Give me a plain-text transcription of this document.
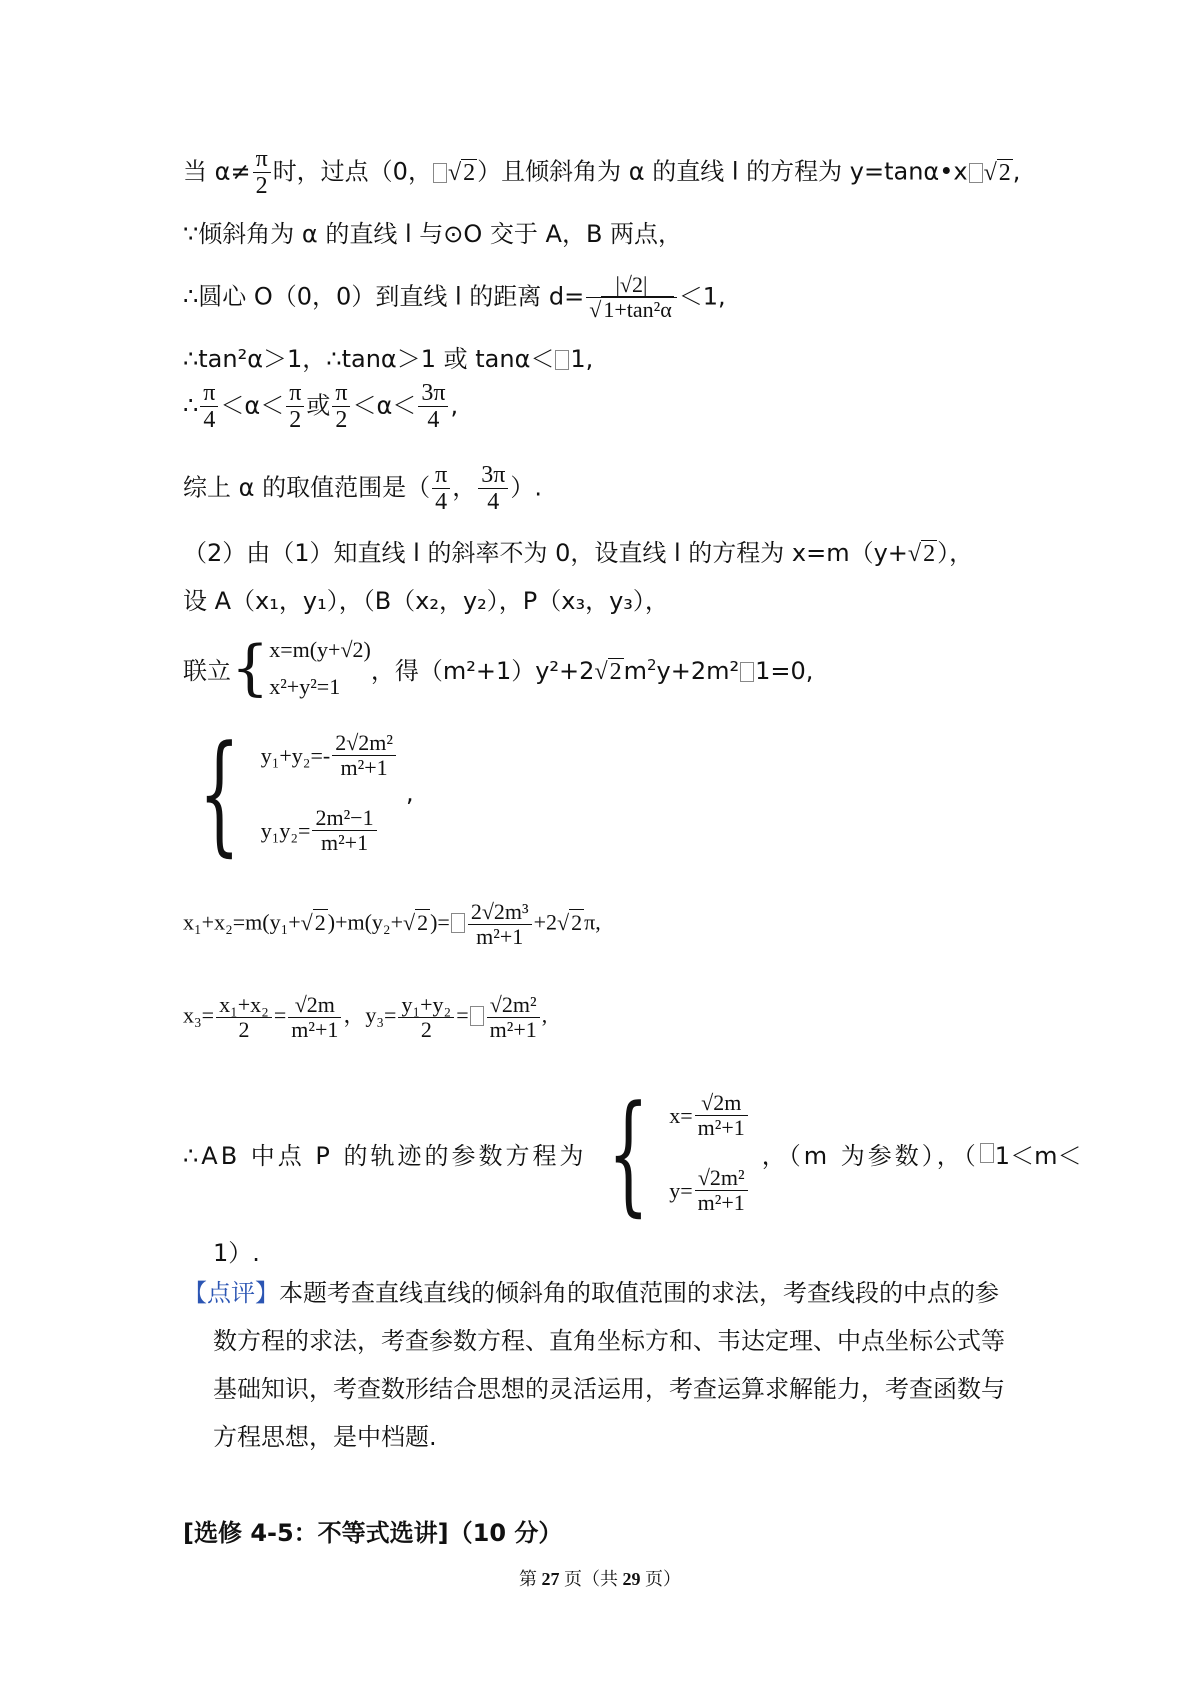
当 $\alpha\ne \frac{\pi}{2}$ 时，过点（0， √2）且倾斜角为 α 的直线 l 的方程为 y=tanα•x √2,
∵倾斜角为 α 的直线 l 与⊙O 交于 A，B 两点，
∴圆心 O（0，0）到直线 l 的距离 $d= \frac{|√2|}{\text{√1+tan²α}} <1$,
∴tan²α＞1，∴tanα＞1 或 tanα＜ 1,
∴ $\frac{\pi}{4} <\alpha< \frac{\pi}{2}$ 或 $\frac{\pi}{2} <\alpha< \frac{3\pi}{4}$ ,
综上 α 的取值范围是（ $\frac{\pi}{4}$ ， $\frac{3\pi}{4}$ ）.
（2）由（1）知直线 l 的斜率不为 0，设直线 l 的方程为 x=m（y+√2），
设 A（x₁，y₁），（B（x₂，y₂），P（x₃，y₃），
联立 { x=m(y+√2)
x²+y²=1
，得$(m^2+1)y^2+2√2m^2y+2m^2$ 1=0,
{ $y_1+y_2=- \frac{\text{2√2m²}}{\text{m²+1}}$
$y_1y_2= \frac{\text{2m²−1}}{\text{m²+1}}$
,
$x_1+x_2=m(y_1+√2)+m(y_2+√2)= \frac{\text{2√2m³}}{\text{m²+1}} +2√2\pi$,
$x_3= \frac{\text{x₁+x₂}}{2} = \frac{√2m}{\text{m²+1}}$ ，$y_3= \frac{\text{y₁+y₂}}{2} = \frac{\text{√2m²}}{\text{m²+1}}$ ,
∴AB 中点 P 的轨迹的参数方程为 { $x= \frac{√2m}{\text{m²+1}}$
$y= \frac{\text{√2m²}}{\text{m²+1}}$
，（m 为参数），（ 1＜m＜
1）.
【点评】本题考查直线直线的倾斜角的取值范围的求法，考查线段的中点的参
数方程的求法，考查参数方程、直角坐标方和、韦达定理、中点坐标公式等
基础知识，考查数形结合思想的灵活运用，考查运算求解能力，考查函数与
方程思想，是中档题.
[选修 4-5：不等式选讲]（10 分）
第 27 页（共 29 页）
